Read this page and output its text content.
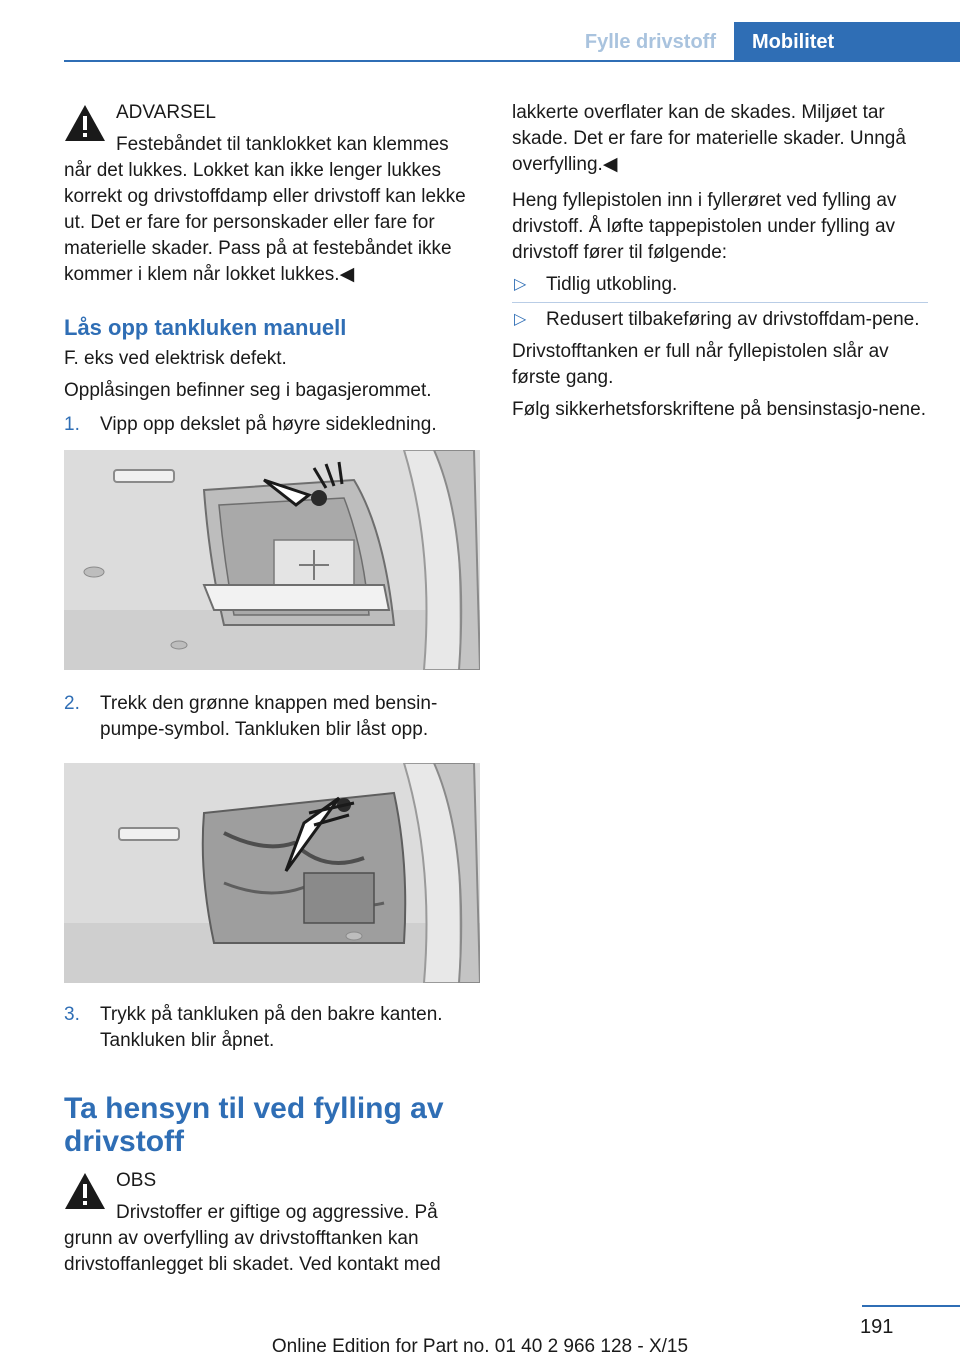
Fylle drivstoff	Mobilitet
ADVARSEL

Festebåndet til tanklokket kan klemmes når det lukkes. Lokket kan ikke lenger lukkes korrekt og drivstoffdamp eller drivstoff kan lekke ut. Det er fare for personskader eller fare for materielle skader. Pass på at festebåndet ikke kommer i klem når lokket lukkes.◀

Lås opp tankluken manuell

F. eks ved elektrisk defekt.

Opplåsingen befinner seg i bagasjerommet.

1. Vipp opp dekslet på høyre sidekledning.
2. Trekk den grønne knappen med bensin-pumpe-symbol. Tankluken blir låst opp.
3. Trykk på tankluken på den bakre kanten. Tankluken blir åpnet.
Ta hensyn til ved fylling av drivstoff
OBS

Drivstoffer er giftige og aggressive. På grunn av overfylling av drivstofftanken kan drivstoffanlegget bli skadet. Ved kontakt med

lakkerte overflater kan de skades. Miljøet tar skade. Det er fare for materielle skader. Unngå overfylling.◀

Heng fyllepistolen inn i fyllerøret ved fylling av drivstoff. Å løfte tappepistolen under fylling av drivstoff fører til følgende:

▷ Tidlig utkobling.
▷ Redusert tilbakeføring av drivstoffdam-pene.

Drivstofftanken er full når fyllepistolen slår av første gang.

Følg sikkerhetsforskriftene på bensinstasjo-nene.

191
Online Edition for Part no. 01 40 2 966 128 - X/15
